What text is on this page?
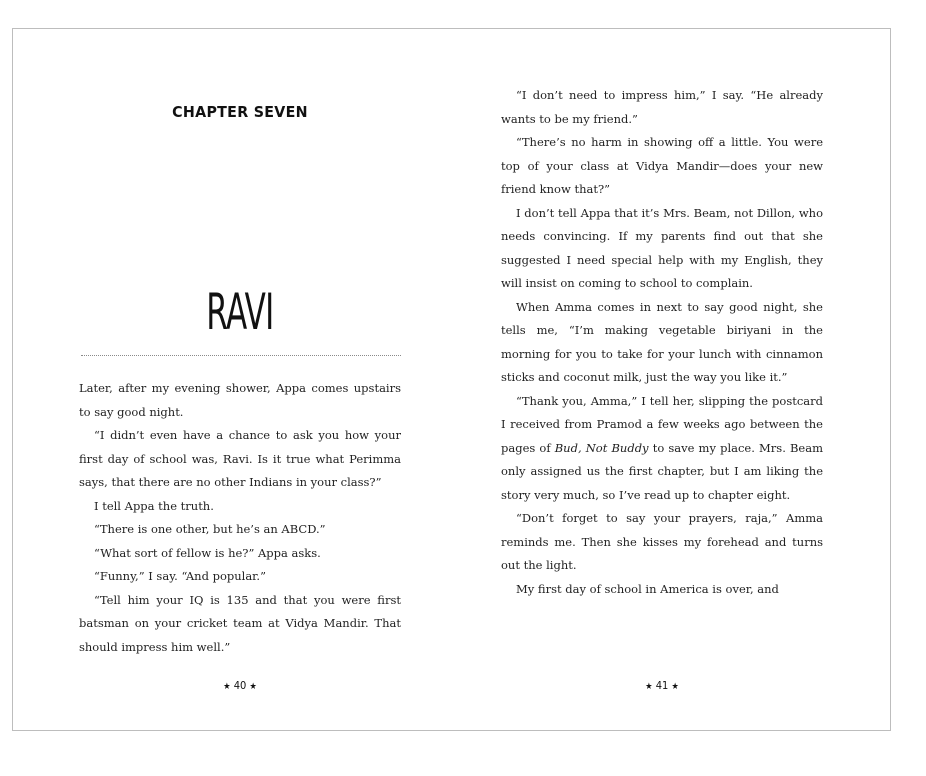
CHAPTER SEVEN
RAVI

Later, after my evening shower, Appa comes upstairs to say good night.

“I didn’t even have a chance to ask you how your first day of school was, Ravi. Is it true what Perimma says, that there are no other Indians in your class?”

I tell Appa the truth.

“There is one other, but he’s an ABCD.”

“What sort of fellow is he?” Appa asks.

“Funny,” I say. “And popular.”

“Tell him your IQ is 135 and that you were first batsman on your cricket team at Vidya Mandir. That should impress him well.”

★ 40 ★

“I don’t need to impress him,” I say. “He already wants to be my friend.”

“There’s no harm in showing off a little. You were top of your class at Vidya Mandir—does your new friend know that?”

I don’t tell Appa that it’s Mrs. Beam, not Dillon, who needs convincing. If my parents find out that she suggested I need special help with my English, they will insist on coming to school to complain.

When Amma comes in next to say good night, she tells me, “I’m making vegetable biriyani in the morning for you to take for your lunch with cinnamon sticks and coconut milk, just the way you like it.”

“Thank you, Amma,” I tell her, slipping the postcard I received from Pramod a few weeks ago between the pages of Bud, Not Buddy to save my place. Mrs. Beam only assigned us the first chapter, but I am liking the story very much, so I’ve read up to chapter eight.

“Don’t forget to say your prayers, raja,” Amma reminds me. Then she kisses my forehead and turns out the light.

My first day of school in America is over, and

★ 41 ★
